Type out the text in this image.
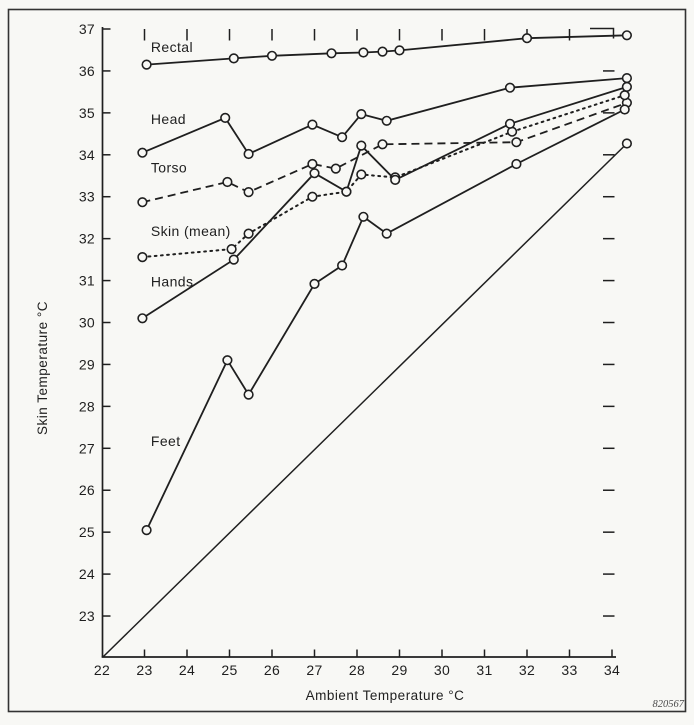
23
24
25
26
27
28
29
30
31
32
33
34
35
36
37
22 23 24 25 26 27 28 29 30 31 32 33 34
Rectal
Head
Torso
Skin (mean)
Hands
Feet
Ambient Temperature °C
Skin Temperature °C
820567
